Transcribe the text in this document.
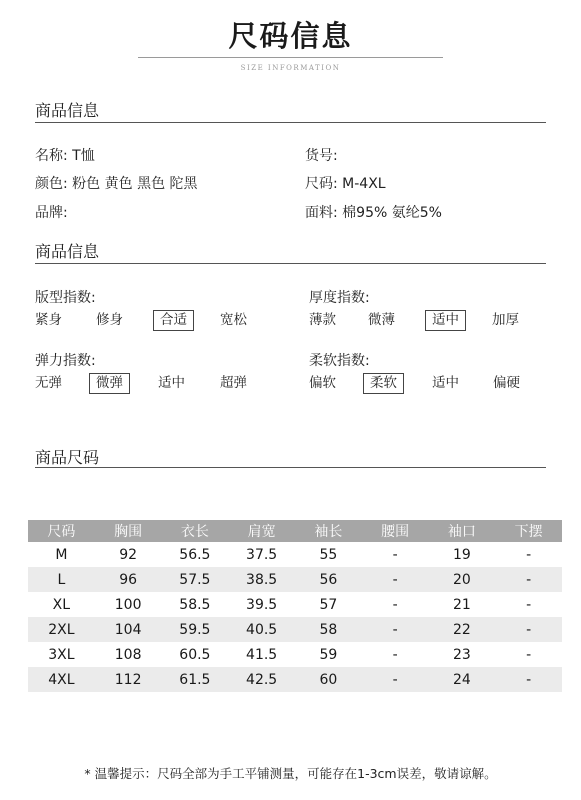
尺码信息
SIZE INFORMATION
商品信息
名称: T恤	货号:
颜色: 粉色 黄色 黑色 陀黑	尺码: M-4XL
品牌:	面料: 棉95% 氨纶5%
商品信息
版型指数:
紧身	修身	合适	宽松
厚度指数:
薄款 微薄	适中	加厚
弹力指数:
无弹	微弹	适中	超弹
柔软指数:
偏软	柔软	适中	偏硬
商品尺码
尺码	胸围	衣长	肩宽	袖长	腰围	袖口	下摆
M	92	56.5	37.5	55	-	19	-
L	96	57.5	38.5	56	-	20	-
XL	100	58.5	39.5	57	-	21	-
2XL	104	59.5	40.5	58	-	22	-
3XL	108	60.5	41.5	59	-	23	-
4XL	112	61.5	42.5	60	-	24	-
* 温馨提示：尺码全部为手工平铺测量，可能存在1-3cm误差，敬请谅解。
